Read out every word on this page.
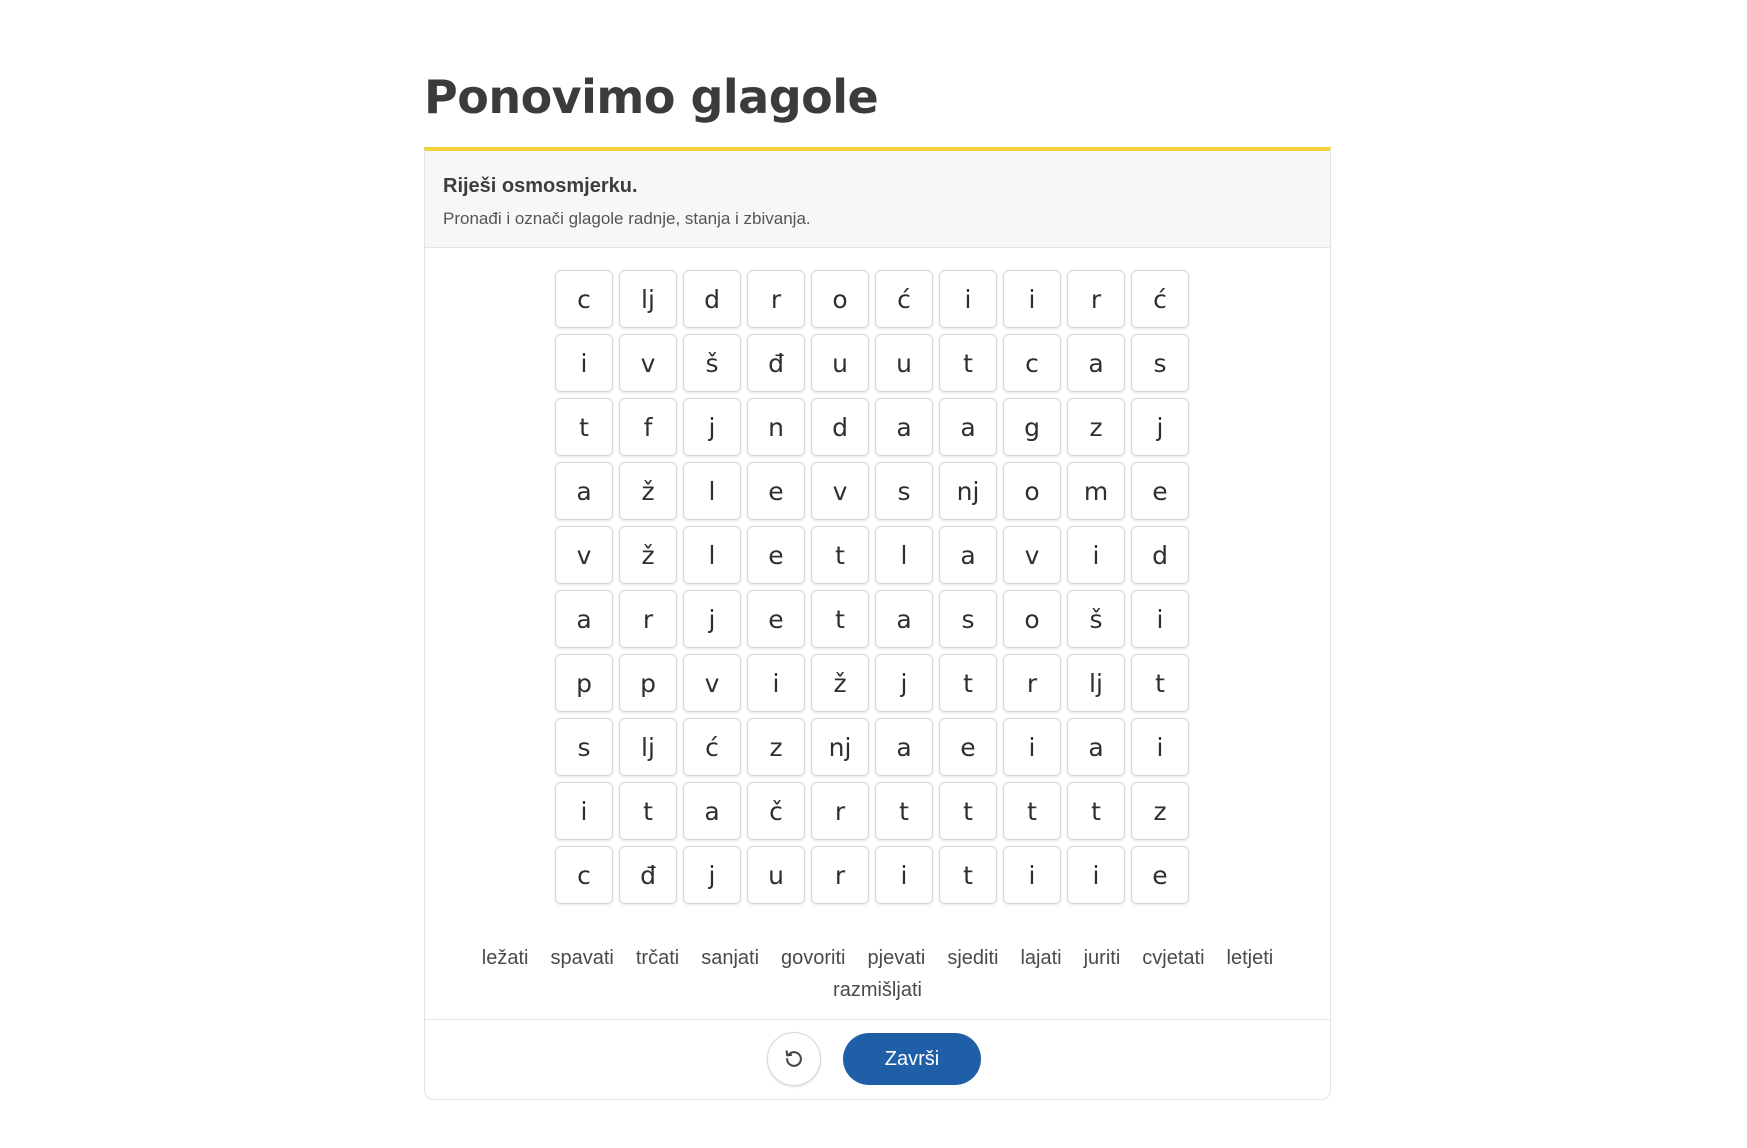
Ponovimo glagole
Riješi osmosmjerku.
Pronađi i označi glagole radnje, stanja i zbivanja.
c	lj	d	r	o	ć	i	i	r	ć
i	v	š	đ	u	u	t	c	a	s
t	f	j	n	d	a	a	g	z	j
a	ž	l	e	v	s	nj	o	m	e
v	ž	l	e	t	l	a	v	i	d
a	r	j	e	t	a	s	o	š	i
p	p	v	i	ž	j	t	r	lj	t
s	lj	ć	z	nj	a	e	i	a	i
i	t	a	č	r	t	t	t	t	z
c	đ	j	u	r	i	t	i	i	e
ležati spavati trčati sanjati govoriti pjevati sjediti lajati juriti cvjetati letjeti
razmišljati
Završi
